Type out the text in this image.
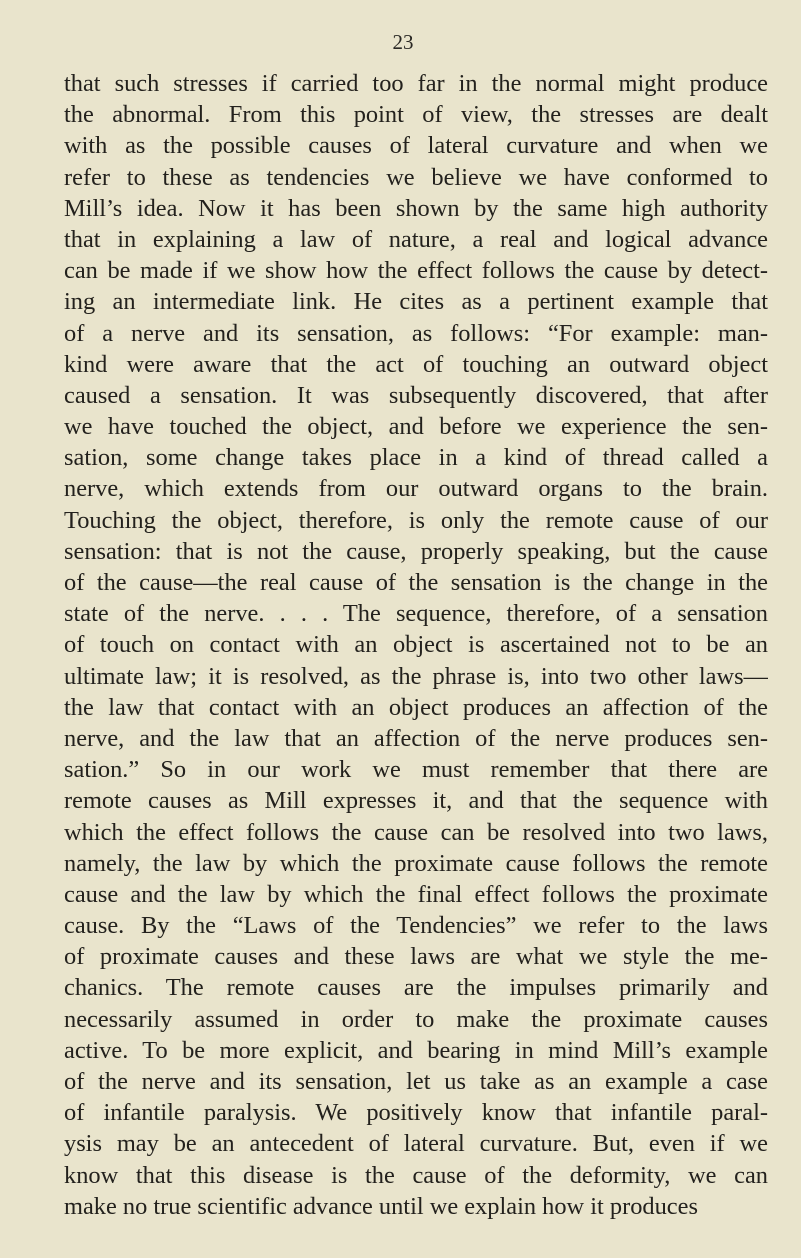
23

that such stresses if carried too far in the normal might produce
the abnormal. From this point of view, the stresses are dealt
with as the possible causes of lateral curvature and when we
refer to these as tendencies we believe we have conformed to
Mill’s idea. Now it has been shown by the same high authority
that in explaining a law of nature, a real and logical advance
can be made if we show how the effect follows the cause by detect-
ing an intermediate link. He cites as a pertinent example that
of a nerve and its sensation, as follows: “For example: man-
kind were aware that the act of touching an outward object
caused a sensation. It was subsequently discovered, that after
we have touched the object, and before we experience the sen-
sation, some change takes place in a kind of thread called a
nerve, which extends from our outward organs to the brain.
Touching the object, therefore, is only the remote cause of our
sensation: that is not the cause, properly speaking, but the cause
of the cause—the real cause of the sensation is the change in the
state of the nerve. . . . The sequence, therefore, of a sensation
of touch on contact with an object is ascertained not to be an
ultimate law; it is resolved, as the phrase is, into two other laws—
the law that contact with an object produces an affection of the
nerve, and the law that an affection of the nerve produces sen-
sation.” So in our work we must remember that there are
remote causes as Mill expresses it, and that the sequence with
which the effect follows the cause can be resolved into two laws,
namely, the law by which the proximate cause follows the remote
cause and the law by which the final effect follows the proximate
cause. By the “Laws of the Tendencies” we refer to the laws
of proximate causes and these laws are what we style the me-
chanics. The remote causes are the impulses primarily and
necessarily assumed in order to make the proximate causes
active. To be more explicit, and bearing in mind Mill’s example
of the nerve and its sensation, let us take as an example a case
of infantile paralysis. We positively know that infantile paral-
ysis may be an antecedent of lateral curvature. But, even if we
know that this disease is the cause of the deformity, we can
make no true scientific advance until we explain how it produces
